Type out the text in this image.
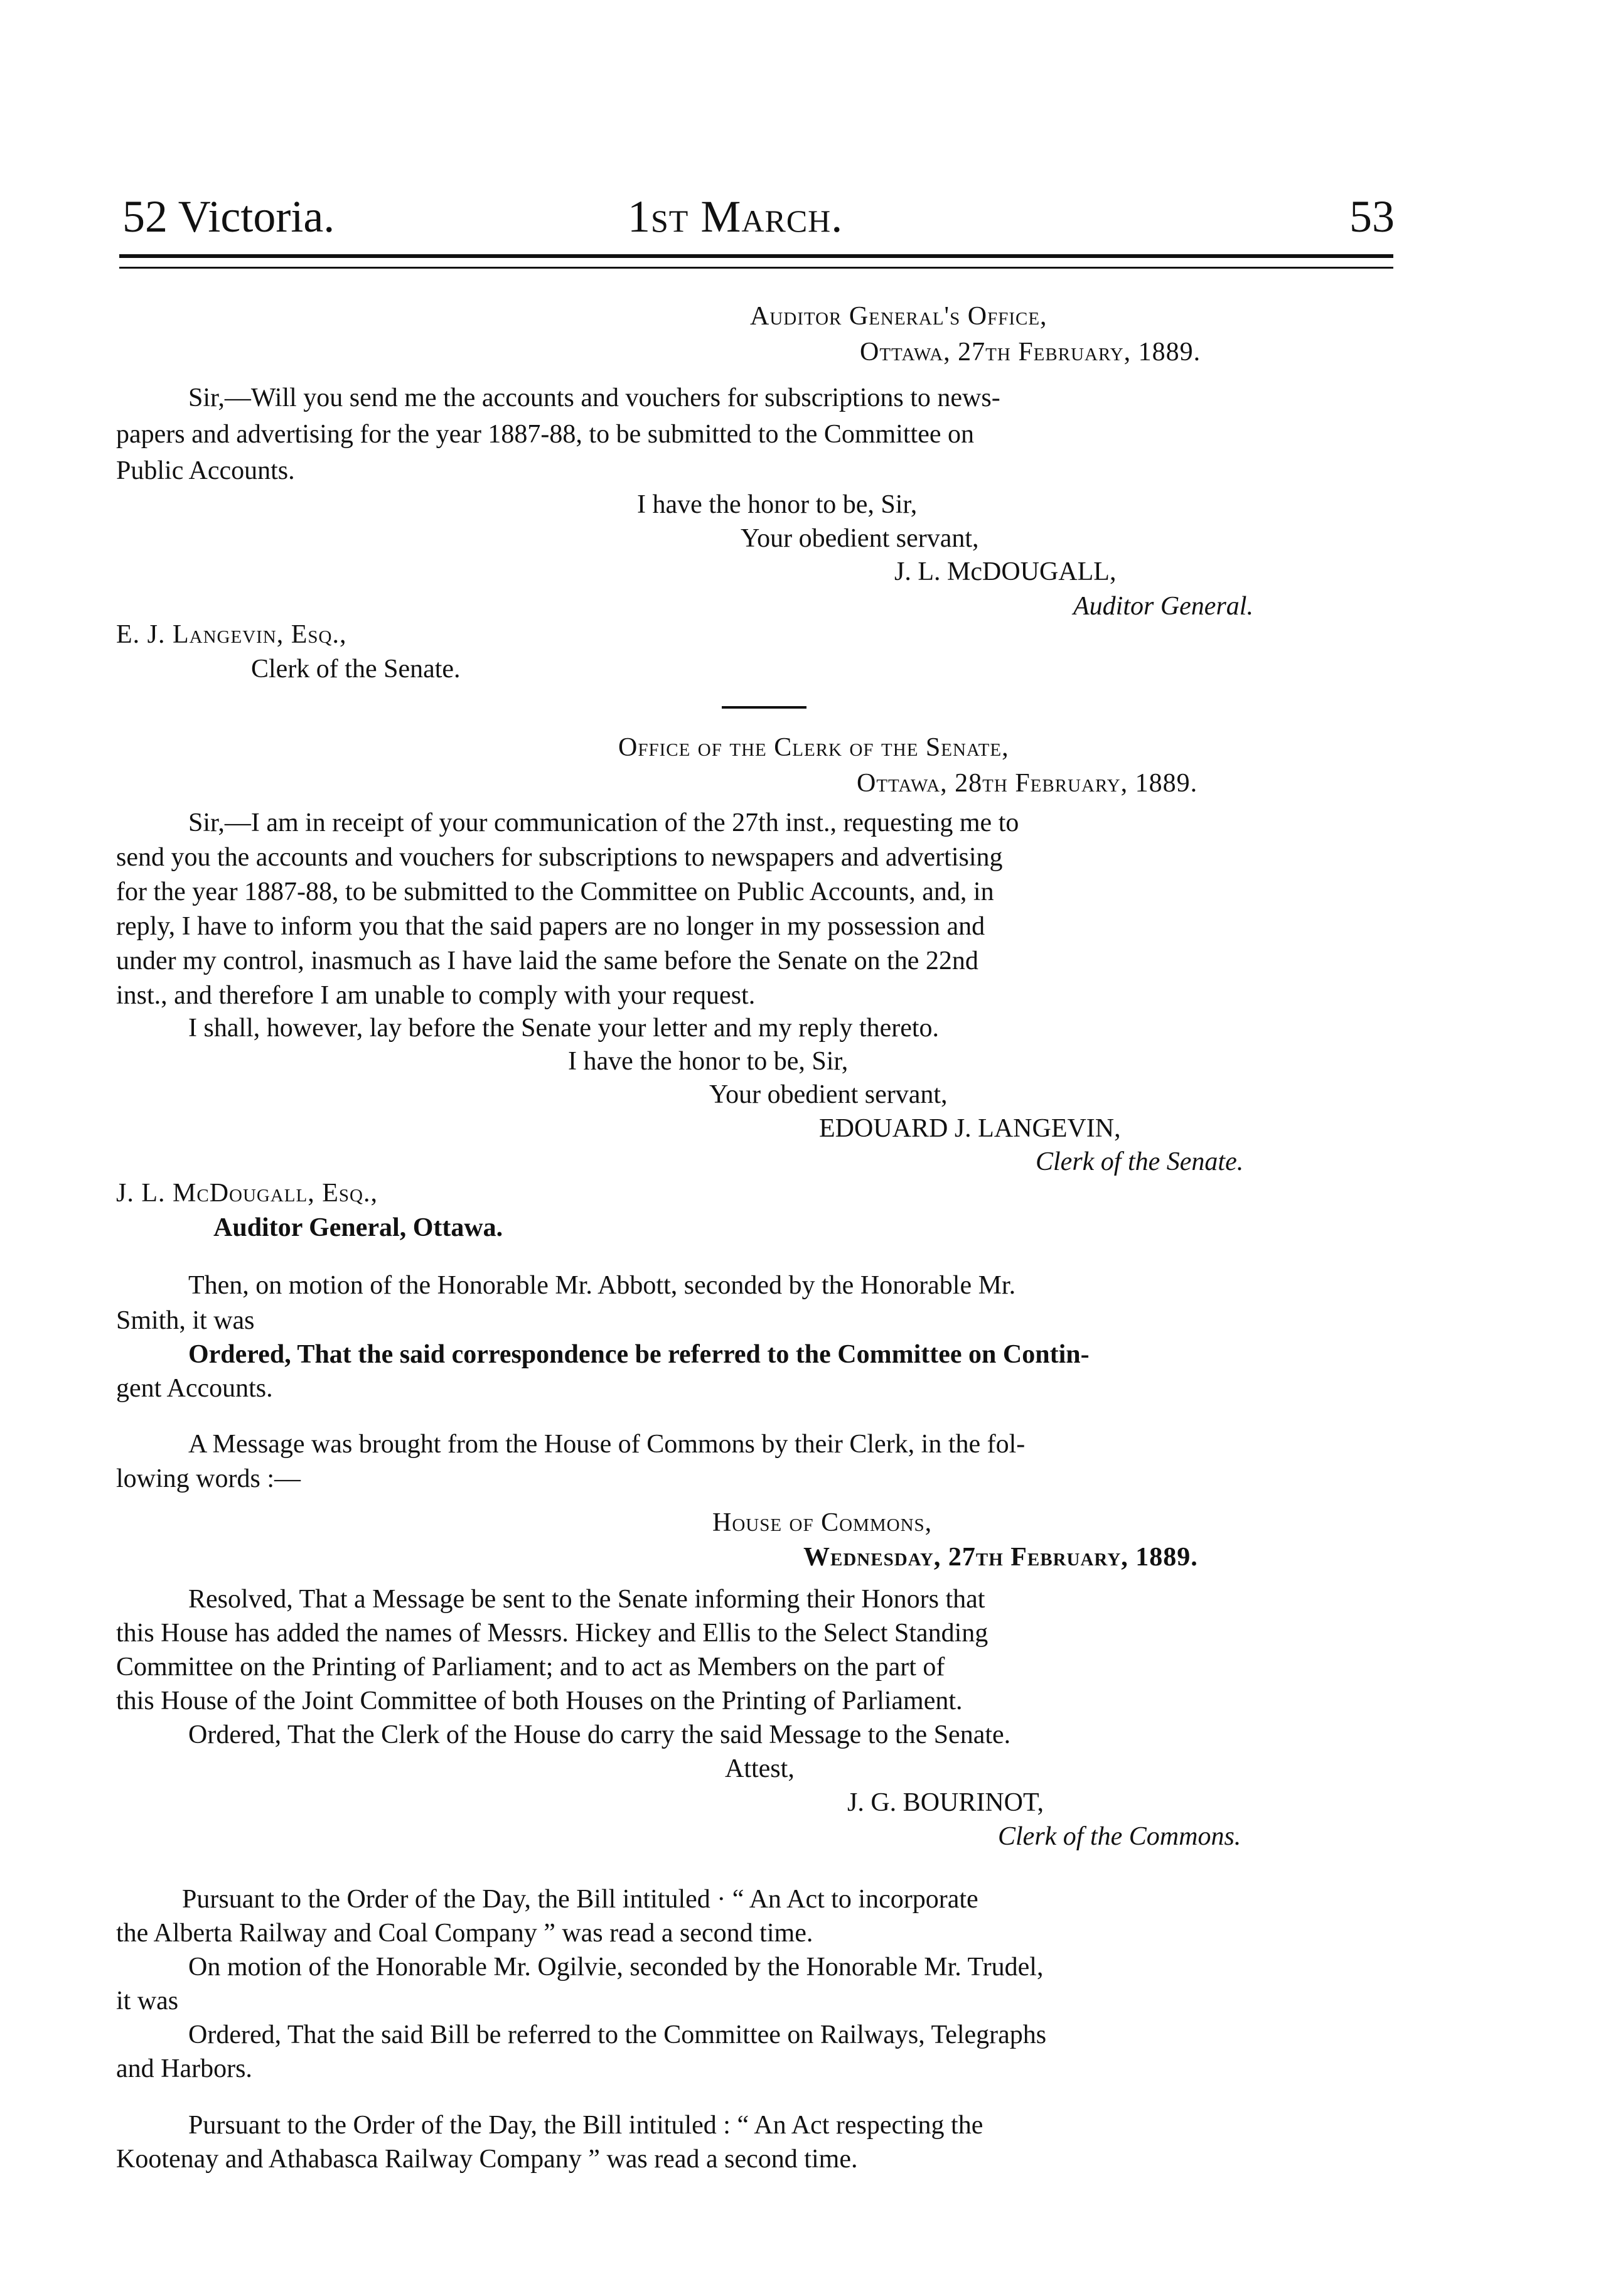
52 Victoria.	1st March.	53
Auditor General's Office,
Ottawa, 27th February, 1889.
Sir,—Will you send me the accounts and vouchers for subscriptions to news-
papers and advertising for the year 1887-88, to be submitted to the Committee on
Public Accounts.
I have the honor to be, Sir,
Your obedient servant,
J. L. McDOUGALL,
Auditor General.
E. J. Langevin, Esq.,
Clerk of the Senate.
Office of the Clerk of the Senate,
Ottawa, 28th February, 1889.
Sir,—I am in receipt of your communication of the 27th inst., requesting me to
send you the accounts and vouchers for subscriptions to newspapers and advertising
for the year 1887-88, to be submitted to the Committee on Public Accounts, and, in
reply, I have to inform you that the said papers are no longer in my possession and
under my control, inasmuch as I have laid the same before the Senate on the 22nd
inst., and therefore I am unable to comply with your request.
I shall, however, lay before the Senate your letter and my reply thereto.
I have the honor to be, Sir,
Your obedient servant,
EDOUARD J. LANGEVIN,
Clerk of the Senate.
J. L. McDougall, Esq.,
Auditor General, Ottawa.
Then, on motion of the Honorable Mr. Abbott, seconded by the Honorable Mr.
Smith, it was
Ordered, That the said correspondence be referred to the Committee on Contin-
gent Accounts.
A Message was brought from the House of Commons by their Clerk, in the fol-
lowing words :—
House of Commons,
Wednesday, 27th February, 1889.
Resolved, That a Message be sent to the Senate informing their Honors that
this House has added the names of Messrs. Hickey and Ellis to the Select Standing
Committee on the Printing of Parliament; and to act as Members on the part of
this House of the Joint Committee of both Houses on the Printing of Parliament.
Ordered, That the Clerk of the House do carry the said Message to the Senate.
Attest,
J. G. BOURINOT,
Clerk of the Commons.
Pursuant to the Order of the Day, the Bill intituled · “ An Act to incorporate
the Alberta Railway and Coal Company ” was read a second time.
On motion of the Honorable Mr. Ogilvie, seconded by the Honorable Mr. Trudel,
it was
Ordered, That the said Bill be referred to the Committee on Railways, Telegraphs
and Harbors.
Pursuant to the Order of the Day, the Bill intituled : “ An Act respecting the
Kootenay and Athabasca Railway Company ” was read a second time.
